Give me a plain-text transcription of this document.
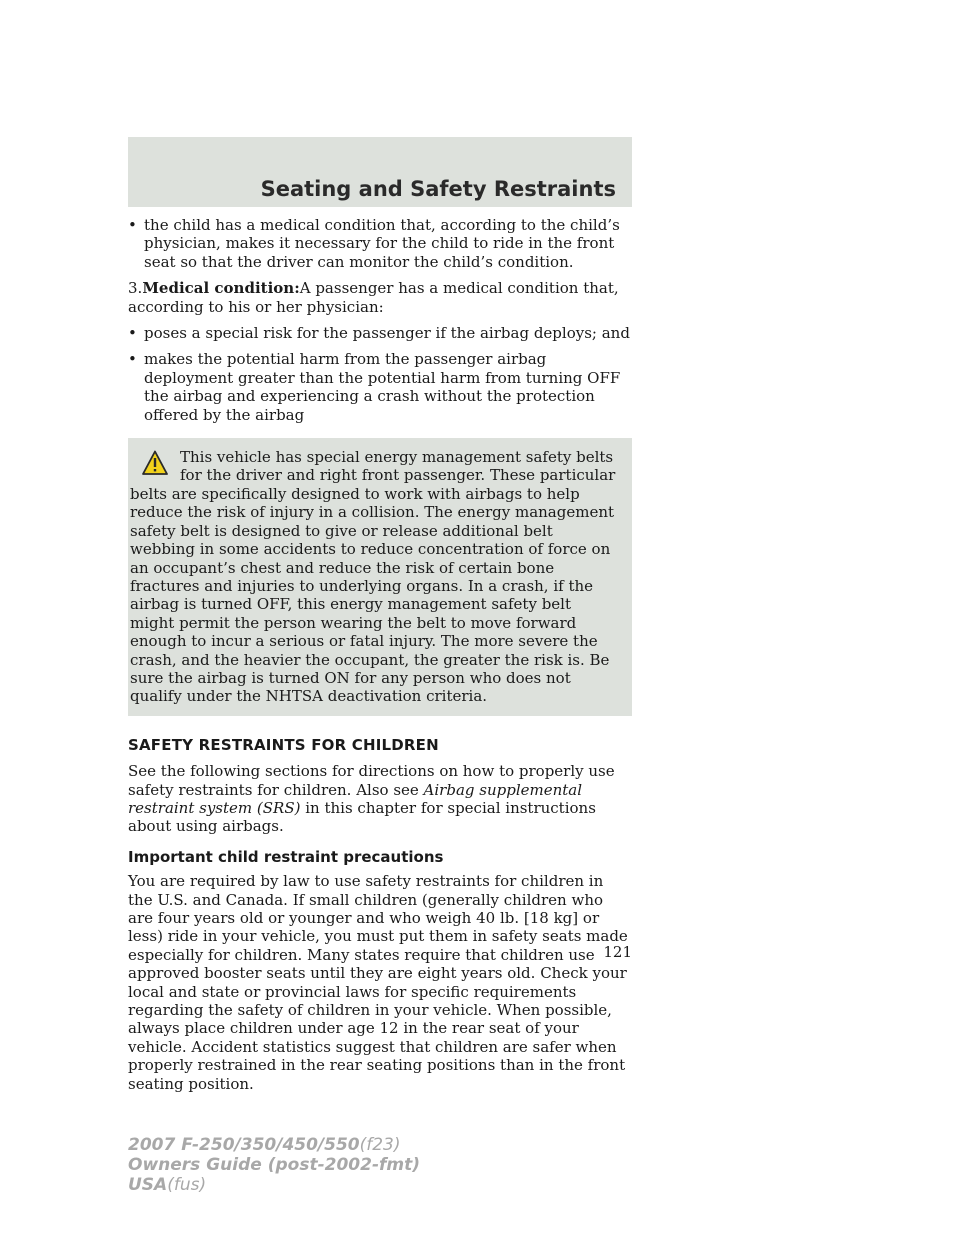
Seating and Safety Restraints
• the child has a medical condition that, according to the child’s physician, makes it necessary for the child to ride in the front seat so that the driver can monitor the child’s condition.

3.Medical condition:A passenger has a medical condition that, according to his or her physician:

• poses a special risk for the passenger if the airbag deploys; and
• makes the potential harm from the passenger airbag deployment greater than the potential harm from turning OFF the airbag and experiencing a crash without the protection offered by the airbag
This vehicle has special energy management safety belts for the driver and right front passenger. These particular belts are specifically designed to work with airbags to help reduce the risk of injury in a collision. The energy management safety belt is designed to give or release additional belt webbing in some accidents to reduce concentration of force on an occupant’s chest and reduce the risk of certain bone fractures and injuries to underlying organs. In a crash, if the airbag is turned OFF, this energy management safety belt might permit the person wearing the belt to move forward enough to incur a serious or fatal injury. The more severe the crash, and the heavier the occupant, the greater the risk is. Be sure the airbag is turned ON for any person who does not qualify under the NHTSA deactivation criteria.
SAFETY RESTRAINTS FOR CHILDREN

See the following sections for directions on how to properly use safety restraints for children. Also see Airbag supplemental restraint system (SRS) in this chapter for special instructions about using airbags.

Important child restraint precautions

You are required by law to use safety restraints for children in the U.S. and Canada. If small children (generally children who are four years old or younger and who weigh 40 lb. [18 kg] or less) ride in your vehicle, you must put them in safety seats made especially for children. Many states require that children use approved booster seats until they are eight years old. Check your local and state or provincial laws for specific requirements regarding the safety of children in your vehicle. When possible, always place children under age 12 in the rear seat of your vehicle. Accident statistics suggest that children are safer when properly restrained in the rear seating positions than in the front seating position.

121
2007 F-250/350/450/550(f23)
Owners Guide (post-2002-fmt)
USA(fus)
